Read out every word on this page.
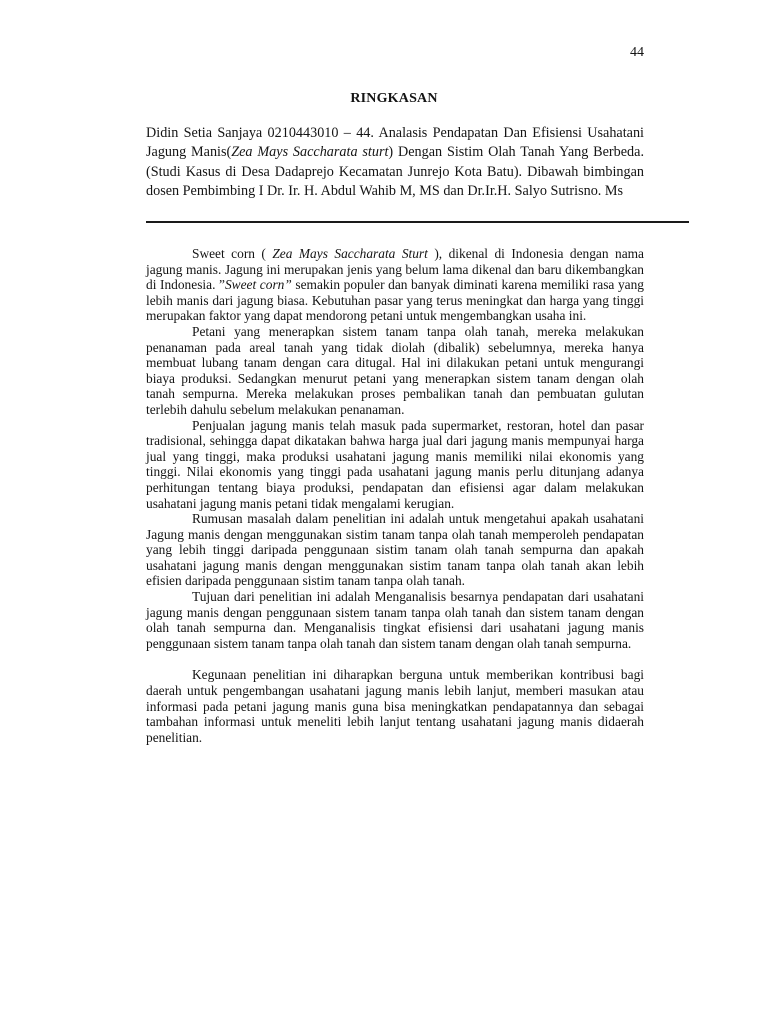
44
RINGKASAN

Didin Setia Sanjaya 0210443010 – 44. Analasis Pendapatan Dan Efisiensi Usahatani Jagung Manis(Zea Mays Saccharata sturt) Dengan Sistim Olah Tanah Yang Berbeda. (Studi Kasus di Desa Dadaprejo Kecamatan Junrejo Kota Batu). Dibawah bimbingan dosen Pembimbing I Dr. Ir. H. Abdul Wahib M, MS dan Dr.Ir.H. Salyo Sutrisno. Ms

Sweet corn ( Zea Mays Saccharata Sturt ), dikenal di Indonesia dengan nama jagung manis. Jagung ini merupakan jenis yang belum lama dikenal dan baru dikembangkan di Indonesia. ”Sweet corn” semakin populer dan banyak diminati karena memiliki rasa yang lebih manis dari jagung biasa. Kebutuhan pasar yang terus meningkat dan harga yang tinggi merupakan faktor yang dapat mendorong petani untuk mengembangkan usaha ini.

Petani yang menerapkan sistem tanam tanpa olah tanah, mereka melakukan penanaman pada areal tanah yang tidak diolah (dibalik) sebelumnya, mereka hanya membuat lubang tanam dengan cara ditugal. Hal ini dilakukan petani untuk mengurangi biaya produksi. Sedangkan menurut petani yang menerapkan sistem tanam dengan olah tanah sempurna. Mereka melakukan proses pembalikan tanah dan pembuatan gulutan terlebih dahulu sebelum melakukan penanaman.

Penjualan jagung manis telah masuk pada supermarket, restoran, hotel dan pasar tradisional, sehingga dapat dikatakan bahwa harga jual dari jagung manis mempunyai harga jual yang tinggi, maka produksi usahatani jagung manis memiliki nilai ekonomis yang tinggi. Nilai ekonomis yang tinggi pada usahatani jagung manis perlu ditunjang adanya perhitungan tentang biaya produksi, pendapatan dan efisiensi agar dalam melakukan usahatani jagung manis petani tidak mengalami kerugian.

Rumusan masalah dalam penelitian ini adalah untuk mengetahui apakah usahatani Jagung manis dengan menggunakan sistim tanam tanpa olah tanah memperoleh pendapatan yang lebih tinggi daripada penggunaan sistim tanam olah tanah sempurna dan apakah usahatani jagung manis dengan menggunakan sistim tanam tanpa olah tanah akan lebih efisien daripada penggunaan sistim tanam tanpa olah tanah.

Tujuan dari penelitian ini adalah Menganalisis besarnya pendapatan dari usahatani jagung manis dengan penggunaan sistem tanam tanpa olah tanah dan sistem tanam dengan olah tanah sempurna dan. Menganalisis tingkat efisiensi dari usahatani jagung manis penggunaan sistem tanam tanpa olah tanah dan sistem tanam dengan olah tanah sempurna.

Kegunaan penelitian ini diharapkan berguna untuk memberikan kontribusi bagi daerah untuk pengembangan usahatani jagung manis lebih lanjut, memberi masukan atau informasi pada petani jagung manis guna bisa meningkatkan pendapatannya dan sebagai tambahan informasi untuk meneliti lebih lanjut tentang usahatani jagung manis didaerah penelitian.
